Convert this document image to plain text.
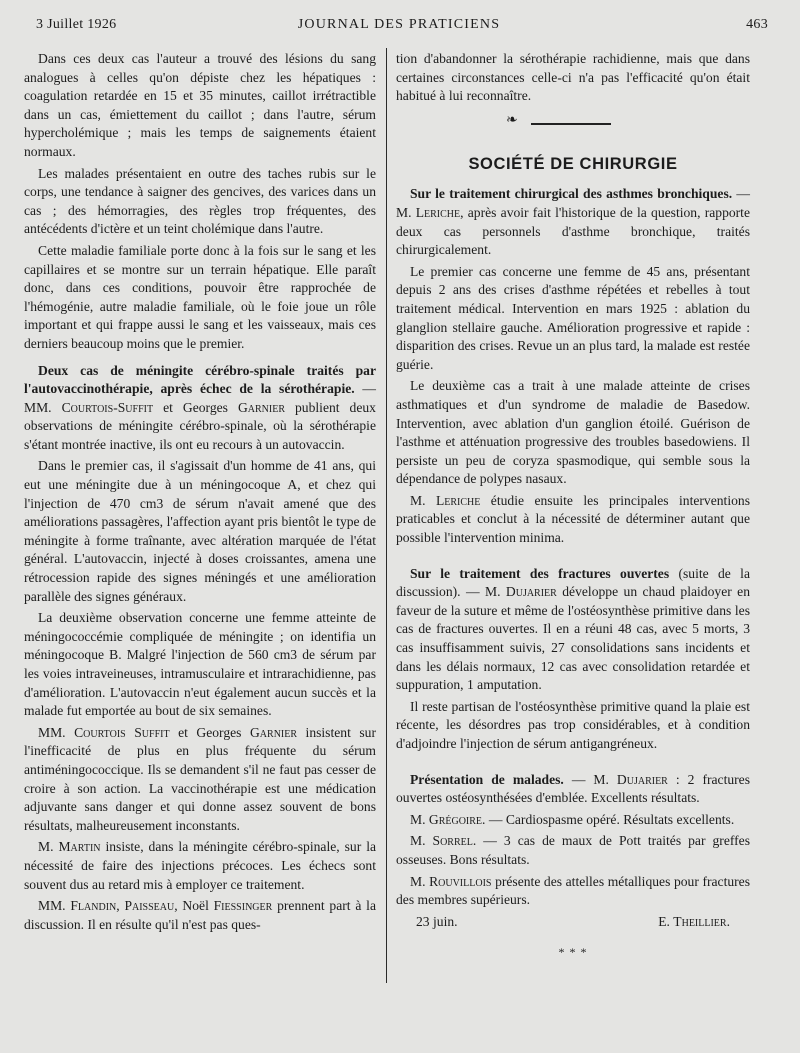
3 Juillet 1926	JOURNAL DES PRATICIENS	463

Dans ces deux cas l'auteur a trouvé des lésions du sang analogues à celles qu'on dépiste chez les hépatiques : coagulation retardée en 15 et 35 minutes, caillot irrétractible dans un cas, émiettement du caillot ; dans l'autre, sérum hypercholémique ; mais les temps de saignements étaient normaux.

Les malades présentaient en outre des taches rubis sur le corps, une tendance à saigner des gencives, des varices dans un cas ; des hémorragies, des règles trop fréquentes, des antécédents d'ictère et un teint cholémique dans l'autre.

Cette maladie familiale porte donc à la fois sur le sang et les capillaires et se montre sur un terrain hépatique. Elle paraît donc, dans ces conditions, pouvoir être rapprochée de l'hémogénie, autre maladie familiale, où le foie joue un rôle important et qui frappe aussi le sang et les vaisseaux, mais ces derniers beaucoup moins que le premier.

Deux cas de méningite cérébro-spinale traités par l'autovaccinothérapie, après échec de la sérothérapie. — MM. Courtois-Suffit et Georges Garnier publient deux observations de méningite cérébro-spinale, où la sérothérapie s'étant montrée inactive, ils ont eu recours à un autovaccin.

Dans le premier cas, il s'agissait d'un homme de 41 ans, qui eut une méningite due à un méningocoque A, et chez qui l'injection de 470 cm3 de sérum n'avait amené que des améliorations passagères, l'affection ayant pris bientôt le type de méningite à forme traînante, avec altération marquée de l'état général. L'autovaccin, injecté à doses croissantes, amena une rétrocession rapide des signes méningés et une amélioration parallèle des signes généraux.

La deuxième observation concerne une femme atteinte de méningococcémie compliquée de méningite ; on identifia un méningocoque B. Malgré l'injection de 560 cm3 de sérum par les voies intraveineuses, intramusculaire et intrarachidienne, pas d'amélioration. L'autovaccin n'eut également aucun succès et la malade fut emportée au bout de six semaines.

MM. Courtois Suffit et Georges Garnier insistent sur l'inefficacité de plus en plus fréquente du sérum antiméningococcique. Ils se demandent s'il ne faut pas cesser de croire à son action. La vaccinothérapie est une médication adjuvante sans danger et qui donne assez souvent de bons résultats, malheureusement inconstants.

M. Martin insiste, dans la méningite cérébro-spinale, sur la nécessité de faire des injections précoces. Les échecs sont souvent dus au retard mis à employer ce traitement.

MM. Flandin, Paisseau, Noël Fiessinger prennent part à la discussion. Il en résulte qu'il n'est pas ques-

tion d'abandonner la sérothérapie rachidienne, mais que dans certaines circonstances celle-ci n'a pas l'efficacité qu'on était habitué à lui reconnaître.

❧
SOCIÉTÉ DE CHIRURGIE

Sur le traitement chirurgical des asthmes bronchiques. — M. Leriche, après avoir fait l'historique de la question, rapporte deux cas personnels d'asthme bronchique, traités chirurgicalement.

Le premier cas concerne une femme de 45 ans, présentant depuis 2 ans des crises d'asthme répétées et rebelles à tout traitement médical. Intervention en mars 1925 : ablation du glanglion stellaire gauche. Amélioration progressive et rapide : disparition des crises. Revue un an plus tard, la malade est restée guérie.

Le deuxième cas a trait à une malade atteinte de crises asthmatiques et d'un syndrome de maladie de Basedow. Intervention, avec ablation d'un ganglion étoilé. Guérison de l'asthme et atténuation progressive des troubles basedowiens. Il persiste un peu de coryza spasmodique, qui semble sous la dépendance de polypes nasaux.

M. Leriche étudie ensuite les principales interventions praticables et conclut à la nécessité de déterminer autant que possible l'intervention minima.

Sur le traitement des fractures ouvertes (suite de la discussion). — M. Dujarier développe un chaud plaidoyer en faveur de la suture et même de l'ostéosynthèse primitive dans les cas de fractures ouvertes. Il en a réuni 48 cas, avec 5 morts, 3 cas insuffisamment suivis, 27 consolidations sans incidents et dans les délais normaux, 12 cas avec consolidation retardée et suppuration, 1 amputation.

Il reste partisan de l'ostéosynthèse primitive quand la plaie est récente, les désordres pas trop considérables, et à condition d'adjoindre l'injection de sérum antigangréneux.

Présentation de malades. — M. Dujarier : 2 fractures ouvertes ostéosynthésées d'emblée. Excellents résultats.

M. Grégoire. — Cardiospasme opéré. Résultats excellents.

M. Sorrel. — 3 cas de maux de Pott traités par greffes osseuses. Bons résultats.

M. Rouvillois présente des attelles métalliques pour fractures des membres supérieurs.

23 juin.	E. Theillier.
* * *
